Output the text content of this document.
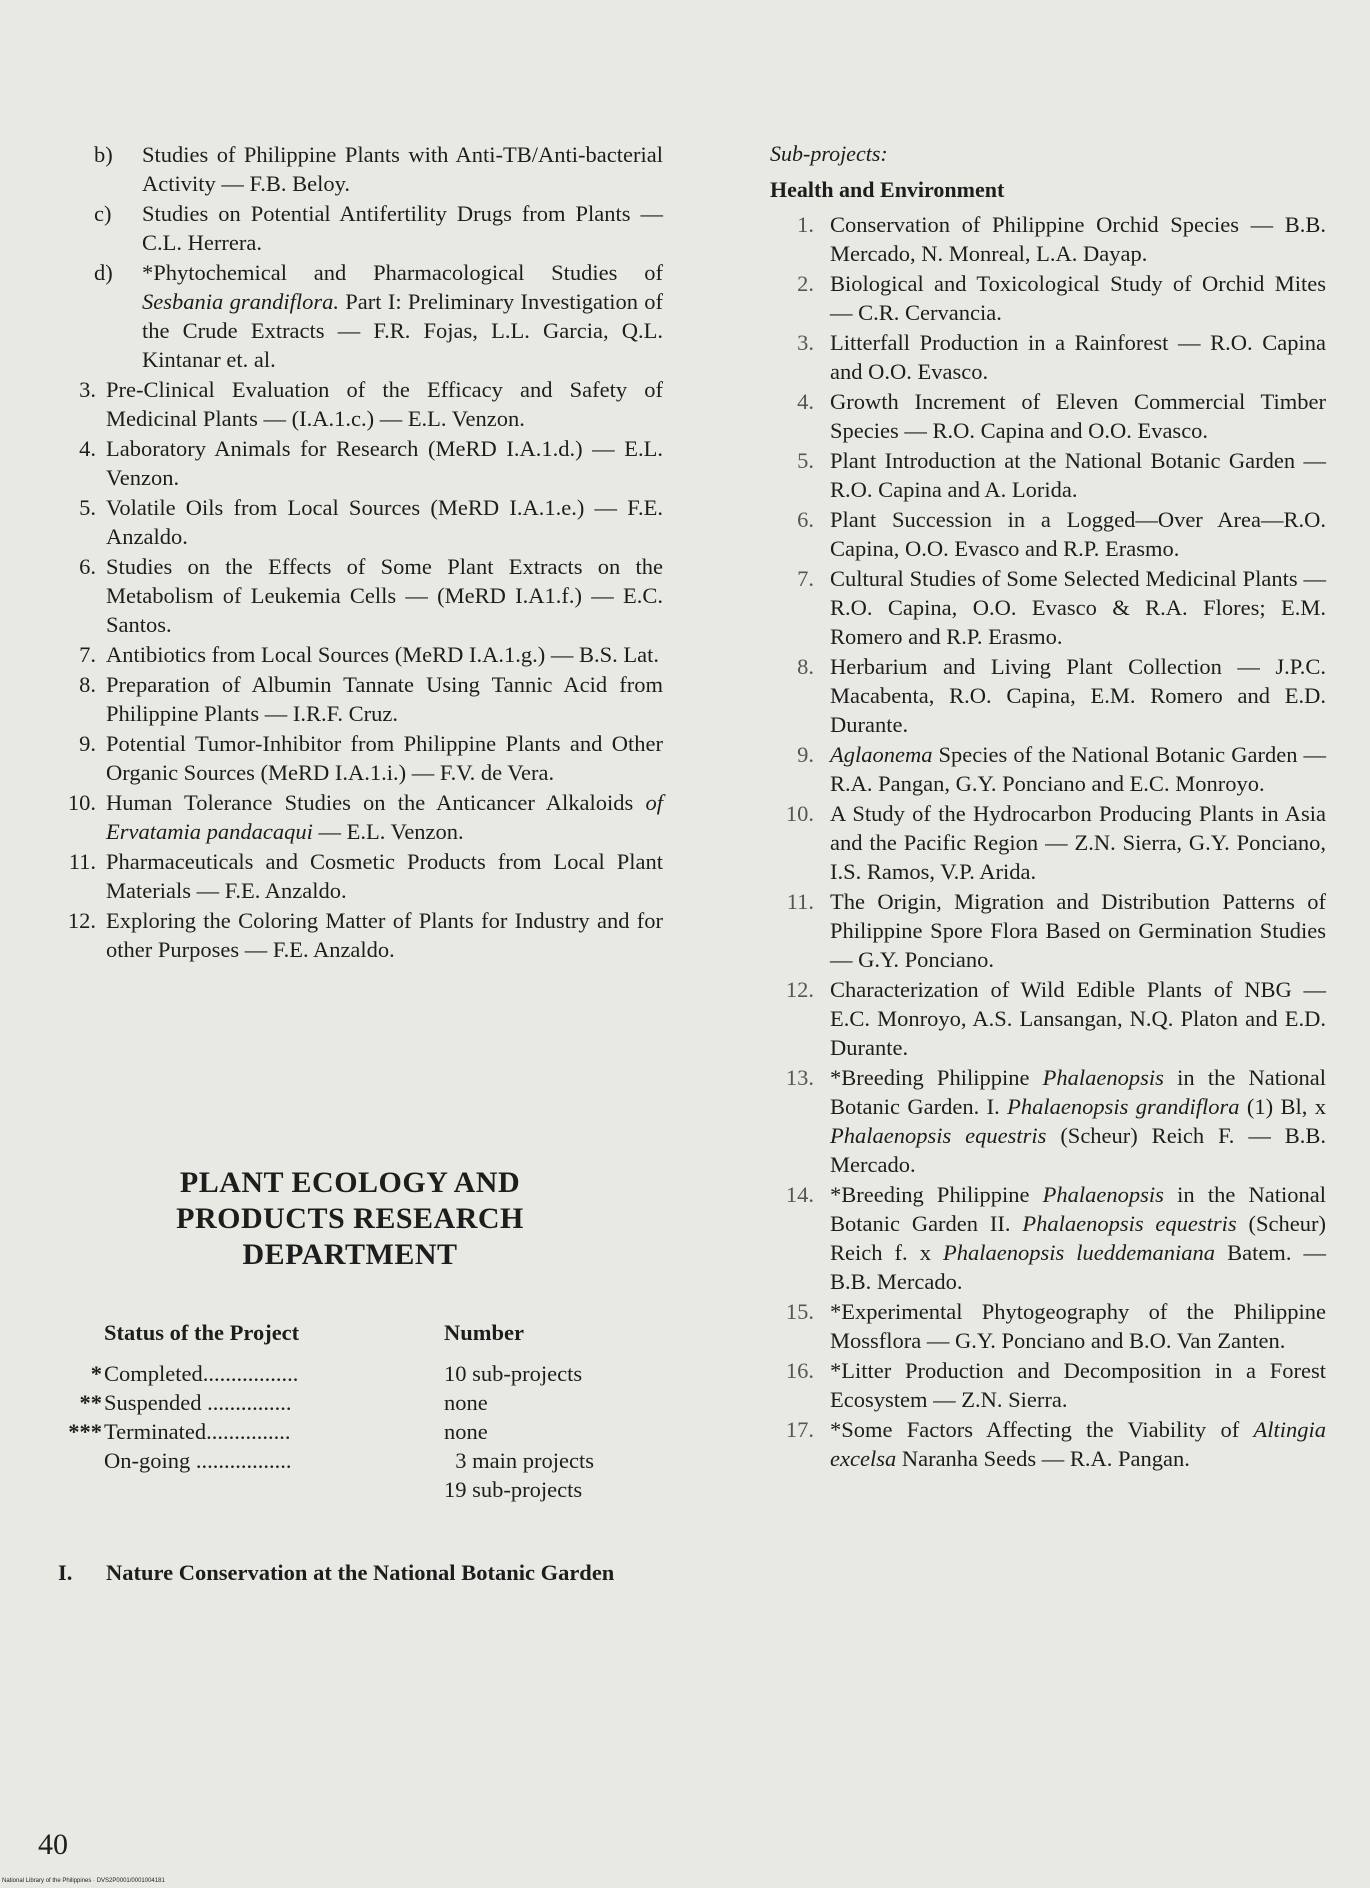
b)	Studies of Philippine Plants with Anti-TB/Anti-bacterial Activity — F.B. Beloy.
c)	Studies on Potential Antifertility Drugs from Plants — C.L. Herrera.
d)	*Phytochemical and Pharmacological Studies of Sesbania grandiflora. Part I: Preliminary Investigation of the Crude Extracts — F.R. Fojas, L.L. Garcia, Q.L. Kintanar et. al.
3. Pre-Clinical Evaluation of the Efficacy and Safety of Medicinal Plants — (I.A.1.c.) — E.L. Venzon.
4. Laboratory Animals for Research (MeRD I.A.1.d.) — E.L. Venzon.
5. Volatile Oils from Local Sources (MeRD I.A.1.e.) — F.E. Anzaldo.
6. Studies on the Effects of Some Plant Extracts on the Metabolism of Leukemia Cells — (MeRD I.A1.f.) — E.C. Santos.
7. Antibiotics from Local Sources (MeRD I.A.1.g.) — B.S. Lat.
8. Preparation of Albumin Tannate Using Tannic Acid from Philippine Plants — I.R.F. Cruz.
9. Potential Tumor-Inhibitor from Philippine Plants and Other Organic Sources (MeRD I.A.1.i.) — F.V. de Vera.
10. Human Tolerance Studies on the Anticancer Alkaloids of Ervatamia pandacaqui — E.L. Venzon.
11. Pharmaceuticals and Cosmetic Products from Local Plant Materials — F.E. Anzaldo.
12. Exploring the Coloring Matter of Plants for Industry and for other Purposes — F.E. Anzaldo.
PLANT ECOLOGY AND
PRODUCTS RESEARCH
DEPARTMENT
Status of the Project	Number
* Completed.................	10 sub-projects
** Suspended ...............	none
*** Terminated...............	none
On-going .................	3 main projects
19 sub-projects
I.	Nature Conservation at the National Botanic Garden
Sub-projects:
Health and Environment
1. Conservation of Philippine Orchid Species — B.B. Mercado, N. Monreal, L.A. Dayap.
2. Biological and Toxicological Study of Orchid Mites — C.R. Cervancia.
3. Litterfall Production in a Rainforest — R.O. Capina and O.O. Evasco.
4. Growth Increment of Eleven Commercial Timber Species — R.O. Capina and O.O. Evasco.
5. Plant Introduction at the National Botanic Garden — R.O. Capina and A. Lorida.
6. Plant Succession in a Logged—Over Area—R.O. Capina, O.O. Evasco and R.P. Erasmo.
7. Cultural Studies of Some Selected Medicinal Plants — R.O. Capina, O.O. Evasco & R.A. Flores; E.M. Romero and R.P. Erasmo.
8. Herbarium and Living Plant Collection — J.P.C. Macabenta, R.O. Capina, E.M. Romero and E.D. Durante.
9. Aglaonema Species of the National Botanic Garden — R.A. Pangan, G.Y. Ponciano and E.C. Monroyo.
10. A Study of the Hydrocarbon Producing Plants in Asia and the Pacific Region — Z.N. Sierra, G.Y. Ponciano, I.S. Ramos, V.P. Arida.
11. The Origin, Migration and Distribution Patterns of Philippine Spore Flora Based on Germination Studies — G.Y. Ponciano.
12. Characterization of Wild Edible Plants of NBG — E.C. Monroyo, A.S. Lansangan, N.Q. Platon and E.D. Durante.
13. *Breeding Philippine Phalaenopsis in the National Botanic Garden. I. Phalaenopsis grandiflora (1) Bl, x Phalaenopsis equestris (Scheur) Reich F. — B.B. Mercado.
14. *Breeding Philippine Phalaenopsis in the National Botanic Garden II. Phalaenopsis equestris (Scheur) Reich f. x Phalaenopsis lueddemaniana Batem. — B.B. Mercado.
15. *Experimental Phytogeography of the Philippine Mossflora — G.Y. Ponciano and B.O. Van Zanten.
16. *Litter Production and Decomposition in a Forest Ecosystem — Z.N. Sierra.
17. *Some Factors Affecting the Viability of Altingia excelsa Naranha Seeds — R.A. Pangan.
40
National Library of the Philippines · DVS2P0001/0001004181
